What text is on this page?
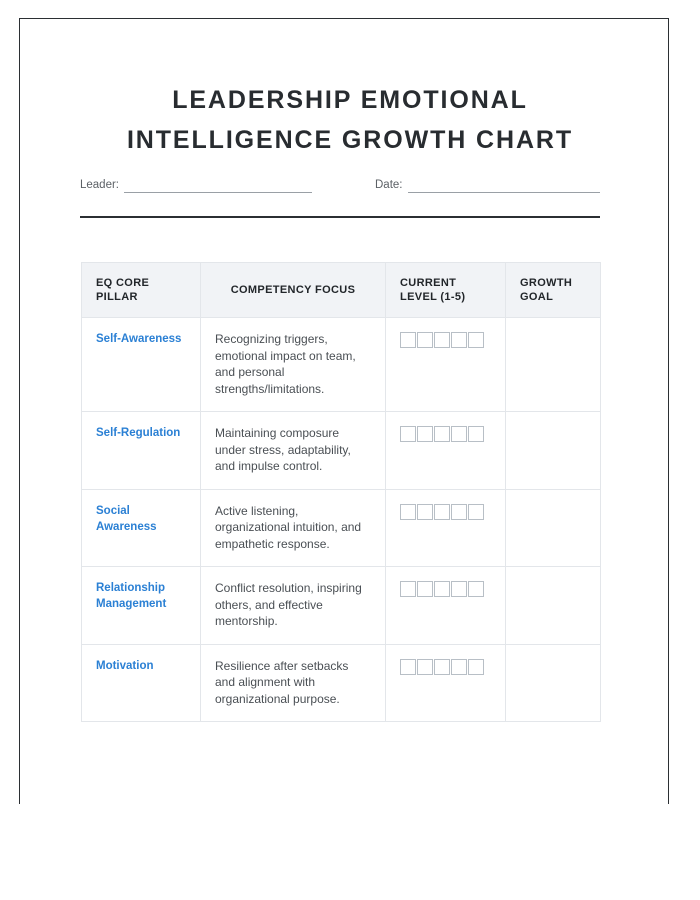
LEADERSHIP EMOTIONAL
INTELLIGENCE GROWTH CHART
Leader:	Date:
EQ CORE PILLAR	COMPETENCY FOCUS	CURRENT LEVEL (1-5)	GROWTH GOAL
Self-Awareness	Recognizing triggers, emotional impact on team, and personal strengths/limitations.	

Self-Regulation	Maintaining composure under stress, adaptability, and impulse control.	

Social Awareness	Active listening, organizational intuition, and empathetic response.	

Relationship Management	Conflict resolution, inspiring others, and effective mentorship.	

Motivation	Resilience after setbacks and alignment with organizational purpose.	
